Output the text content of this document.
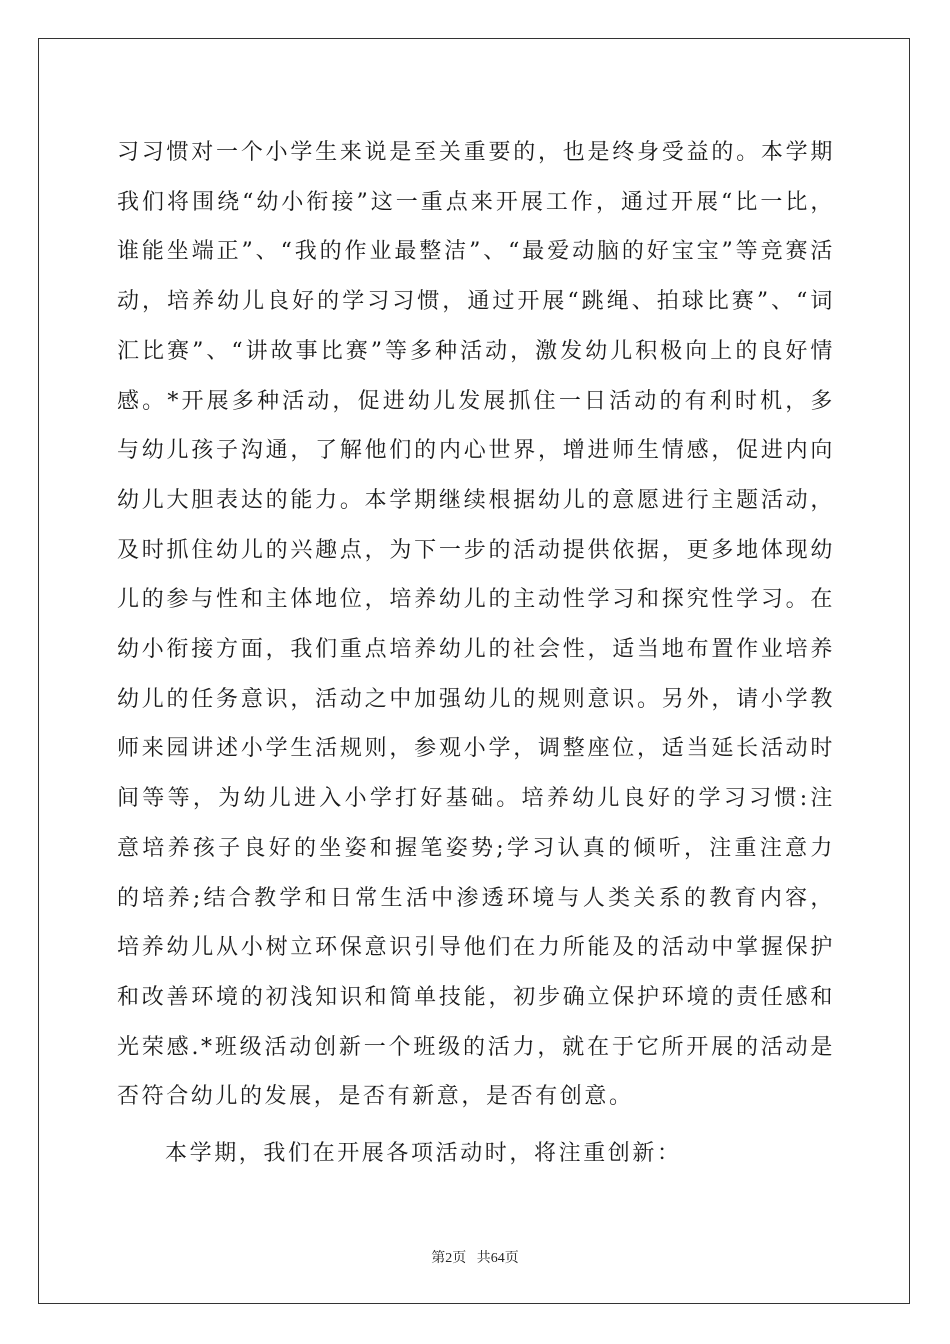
习习惯对一个小学生来说是至关重要的，也是终身受益的。本学期我们将围绕“幼小衔接”这一重点来开展工作，通过开展“比一比，谁能坐端正”、“我的作业最整洁”、“最爱动脑的好宝宝”等竞赛活动，培养幼儿良好的学习习惯，通过开展“跳绳、拍球比赛”、“词汇比赛”、“讲故事比赛”等多种活动，激发幼儿积极向上的良好情感。*开展多种活动，促进幼儿发展抓住一日活动的有利时机，多与幼儿孩子沟通，了解他们的内心世界，增进师生情感，促进内向幼儿大胆表达的能力。本学期继续根据幼儿的意愿进行主题活动，及时抓住幼儿的兴趣点，为下一步的活动提供依据，更多地体现幼儿的参与性和主体地位，培养幼儿的主动性学习和探究性学习。在幼小衔接方面，我们重点培养幼儿的社会性，适当地布置作业培养幼儿的任务意识，活动之中加强幼儿的规则意识。另外，请小学教师来园讲述小学生活规则，参观小学，调整座位，适当延长活动时间等等，为幼儿进入小学打好基础。培养幼儿良好的学习习惯:注意培养孩子良好的坐姿和握笔姿势;学习认真的倾听，注重注意力的培养;结合教学和日常生活中渗透环境与人类关系的教育内容，培养幼儿从小树立环保意识引导他们在力所能及的活动中掌握保护和改善环境的初浅知识和简单技能，初步确立保护环境的责任感和光荣感.*班级活动创新一个班级的活力，就在于它所开展的活动是否符合幼儿的发展，是否有新意，是否有创意。

本学期，我们在开展各项活动时，将注重创新：

第2页 共64页
